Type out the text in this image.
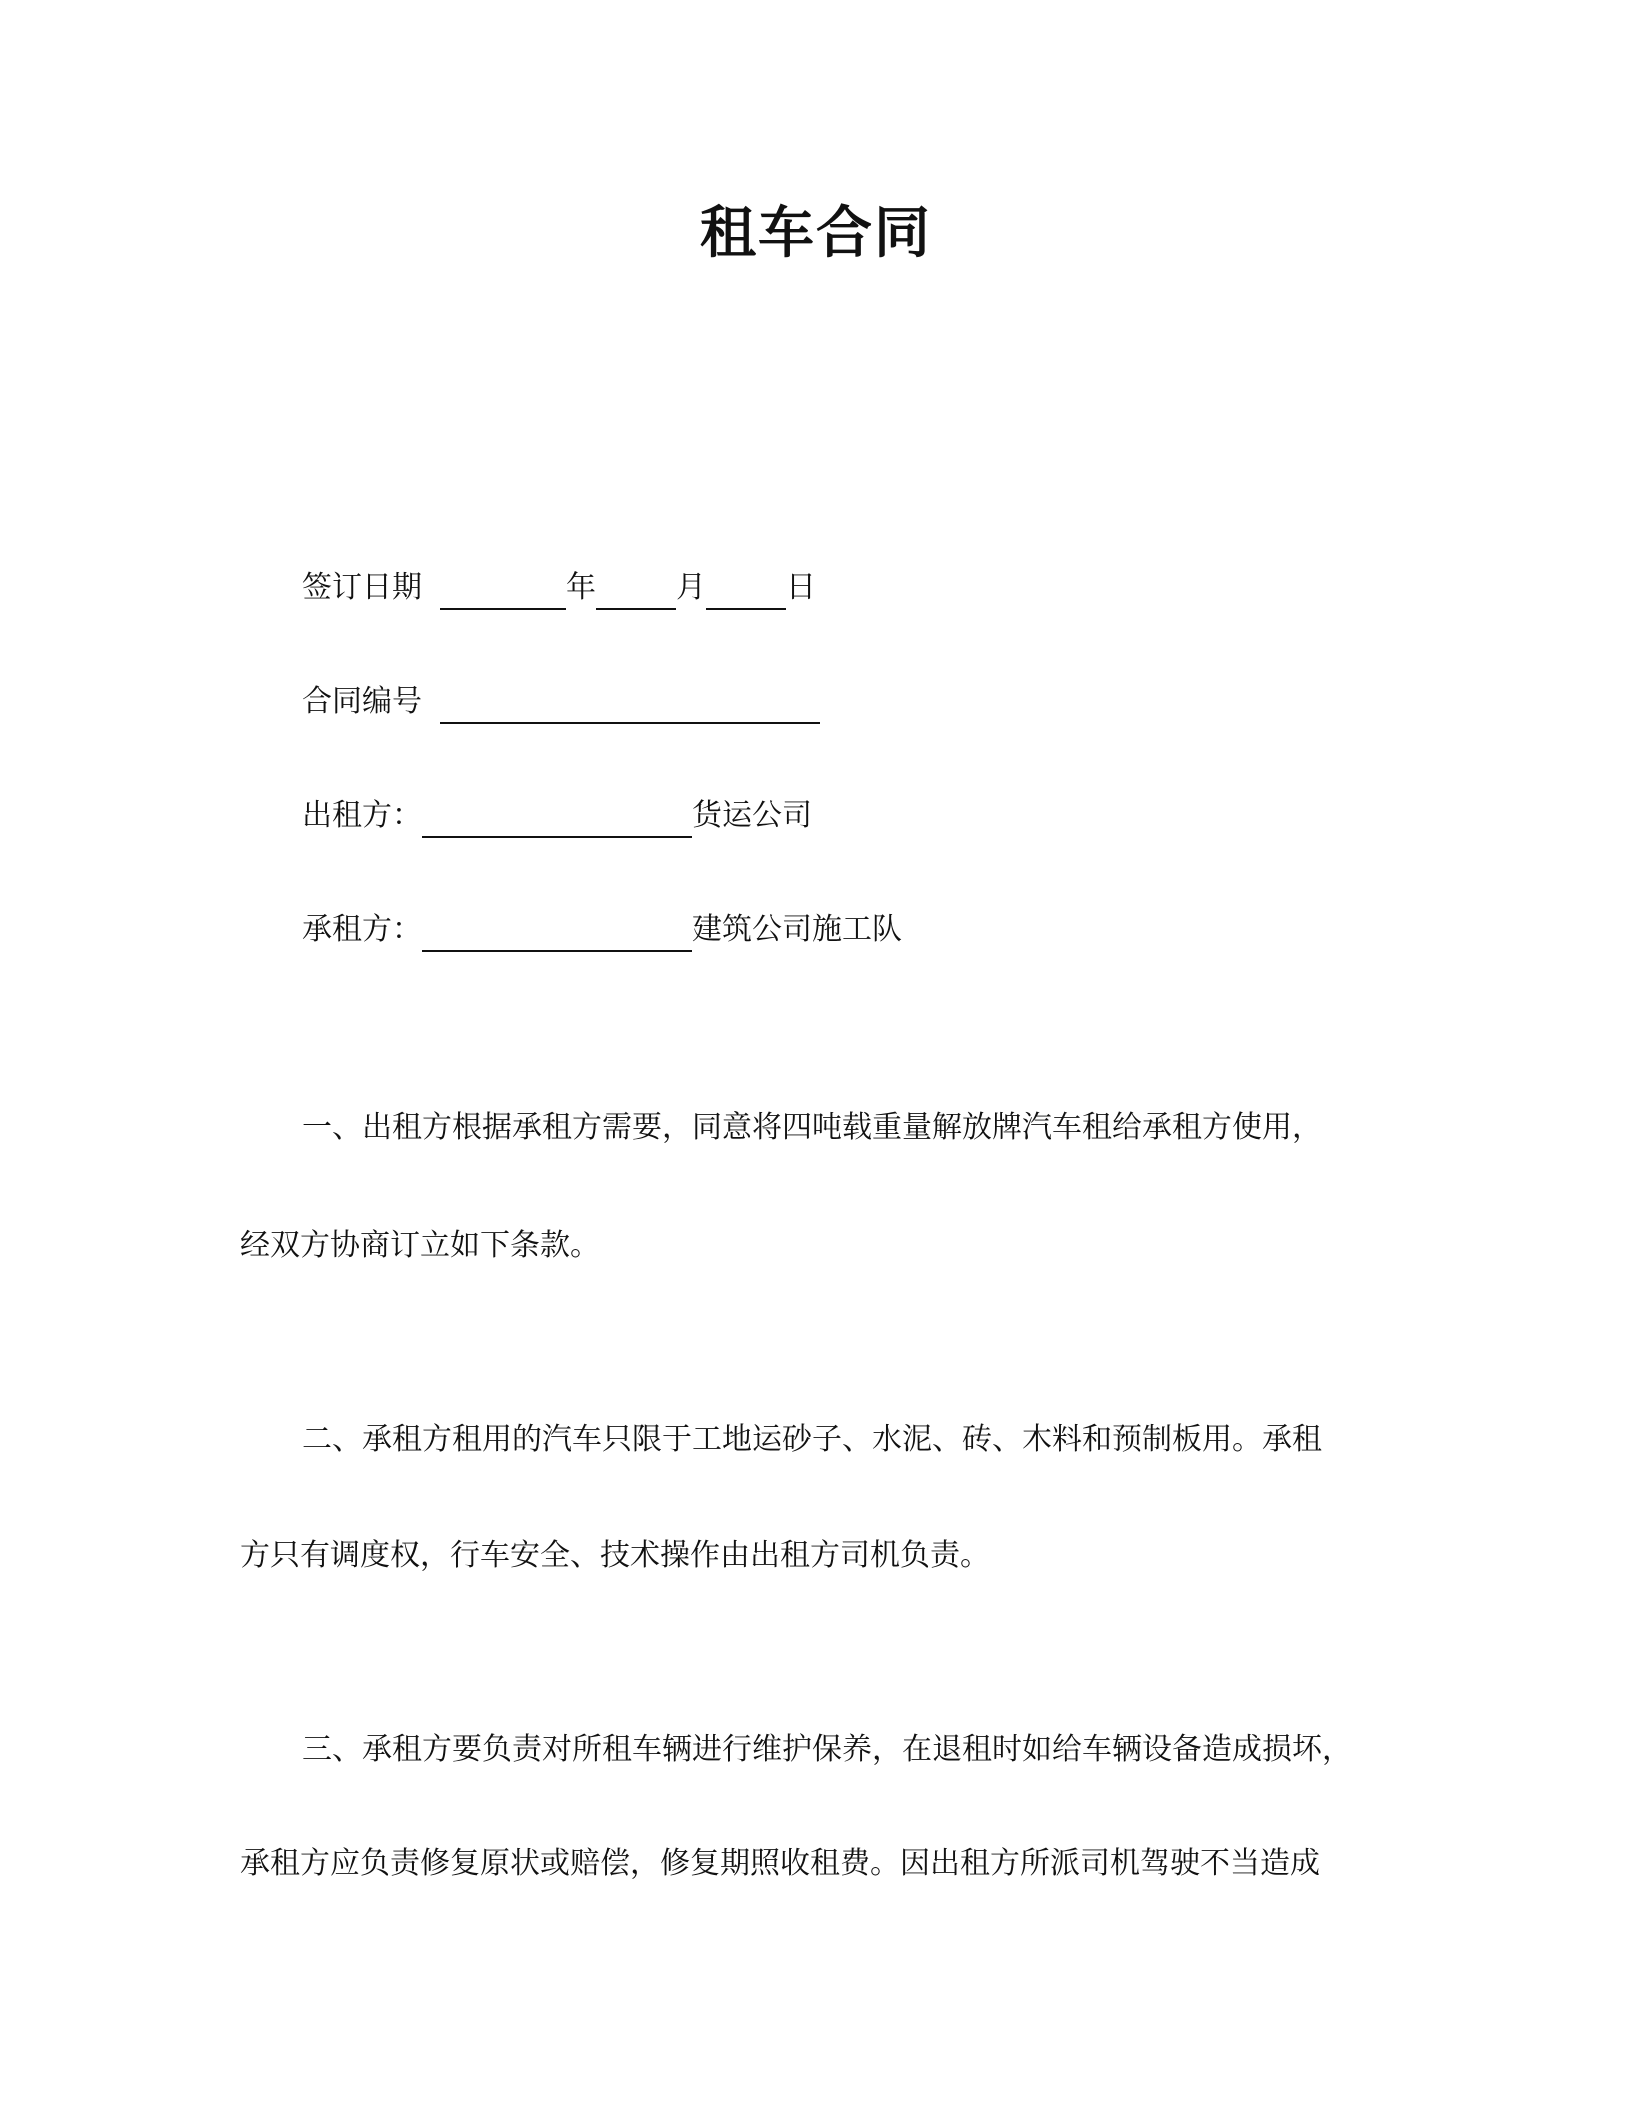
租车合同
签订日期	年	月	日
合同编号
出租方：	货运公司
承租方：	建筑公司施工队
一、出租方根据承租方需要，同意将四吨载重量解放牌汽车租给承租方使用，
经双方协商订立如下条款。
二、承租方租用的汽车只限于工地运砂子、水泥、砖、木料和预制板用。承租
方只有调度权，行车安全、技术操作由出租方司机负责。
三、承租方要负责对所租车辆进行维护保养，在退租时如给车辆设备造成损坏，
承租方应负责修复原状或赔偿，修复期照收租费。因出租方所派司机驾驶不当造成
